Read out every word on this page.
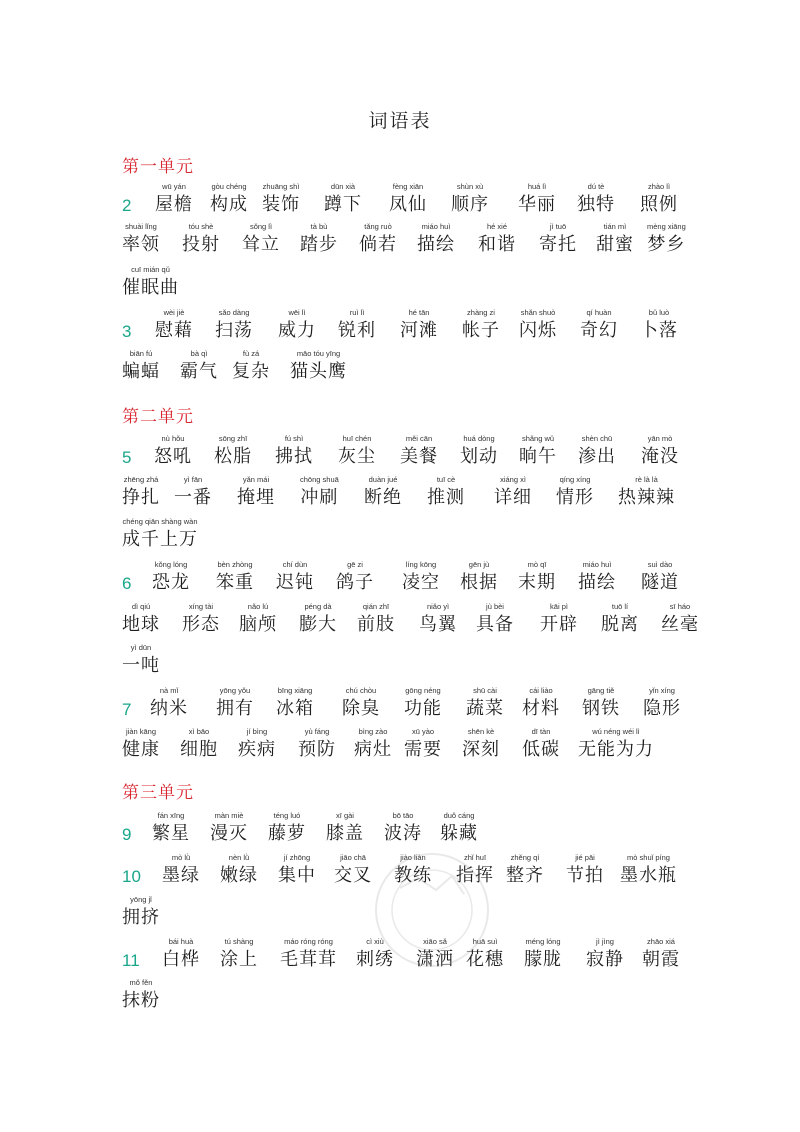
词语表
第一单元
2
wū yán
屋檐
gòu chéng
构成
zhuāng shì
装饰
dūn xià
蹲下
fèng xiān
凤仙
shùn xù
顺序
huá lì
华丽
dú tè
独特
zhào lì
照例
shuài lǐng
率领
tóu shè
投射
sǒng lì
耸立
tà bù
踏步
tǎng ruò
倘若
miáo huì
描绘
hé xié
和谐
jì tuō
寄托
tián mì
甜蜜
mèng xiāng
梦乡
cuī mián qǔ
催眠曲
3
wèi jiè
慰藉
sǎo dàng
扫荡
wēi lì
威力
ruì lì
锐利
hé tān
河滩
zhàng zi
帐子
shǎn shuò
闪烁
qí huàn
奇幻
bǔ luò
卜落
biān fú
蝙蝠
bà qì
霸气
fù zá
复杂
māo tóu yīng
猫头鹰
第二单元
5
nù hǒu
怒吼
sōng zhī
松脂
fú shì
拂拭
huī chén
灰尘
měi cān
美餐
huá dòng
划动
shǎng wǔ
晌午
shèn chū
渗出
yān mò
淹没
zhēng zhá
挣扎
yì fān
一番
yǎn mái
掩埋
chōng shuā
冲刷
duàn jué
断绝
tuī cè
推测
xiáng xì
详细
qíng xíng
情形
rè là là
热辣辣
chéng qiān shàng wàn
成千上万
6
kǒng lóng
恐龙
bèn zhòng
笨重
chí dùn
迟钝
gē zi
鸽子
líng kōng
凌空
gēn jù
根据
mò qī
末期
miáo huì
描绘
suì dào
隧道
dì qiú
地球
xíng tài
形态
nǎo lú
脑颅
péng dà
膨大
qián zhī
前肢
niǎo yì
鸟翼
jù bèi
具备
kāi pì
开辟
tuō lí
脱离
sī háo
丝毫
yì dūn
一吨
7
nà mǐ
纳米
yōng yǒu
拥有
bīng xiāng
冰箱
chú chòu
除臭
gōng néng
功能
shū cài
蔬菜
cái liào
材料
gāng tiě
钢铁
yǐn xíng
隐形
jiàn kāng
健康
xì bāo
细胞
jí bìng
疾病
yù fáng
预防
bìng zào
病灶
xū yào
需要
shēn kè
深刻
dī tàn
低碳
wú néng wéi lì
无能为力
第三单元
9
fán xīng
繁星
màn miè
漫灭
téng luó
藤萝
xī gài
膝盖
bō tāo
波涛
duǒ cáng
躲藏
10
mò lǜ
墨绿
nèn lǜ
嫩绿
jí zhōng
集中
jiāo chā
交叉
jiào liàn
教练
zhǐ huī
指挥
zhěng qí
整齐
jié pāi
节拍
mò shuǐ píng
墨水瓶
yōng jǐ
拥挤
11
bái huà
白桦
tú shàng
涂上
máo róng róng
毛茸茸
cì xiù
刺绣
xiāo sǎ
潇洒
huā suì
花穗
méng lóng
朦胧
jì jìng
寂静
zhāo xiá
朝霞
mǒ fěn
抹粉
